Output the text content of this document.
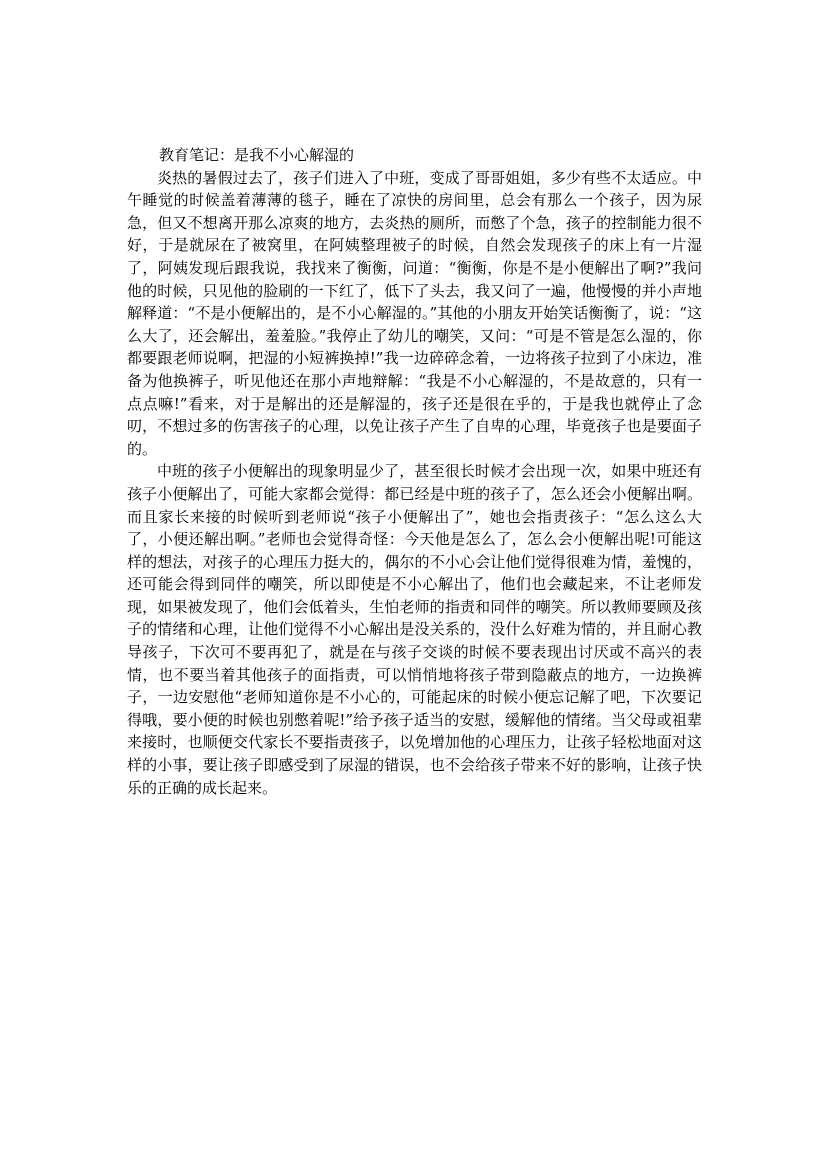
教育笔记：是我不小心解湿的

炎热的暑假过去了，孩子们进入了中班，变成了哥哥姐姐，多少有些不太适应。中午睡觉的时候盖着薄薄的毯子，睡在了凉快的房间里，总会有那么一个孩子，因为尿急，但又不想离开那么凉爽的地方，去炎热的厕所，而憋了个急，孩子的控制能力很不好，于是就尿在了被窝里，在阿姨整理被子的时候，自然会发现孩子的床上有一片湿了，阿姨发现后跟我说，我找来了衡衡，问道：“衡衡，你是不是小便解出了啊?”我问他的时候，只见他的脸刷的一下红了，低下了头去，我又问了一遍，他慢慢的并小声地解释道：“不是小便解出的，是不小心解湿的。”其他的小朋友开始笑话衡衡了，说：“这么大了，还会解出，羞羞脸。”我停止了幼儿的嘲笑，又问：“可是不管是怎么湿的，你都要跟老师说啊，把湿的小短裤换掉!”我一边碎碎念着，一边将孩子拉到了小床边，准备为他换裤子，听见他还在那小声地辩解：“我是不小心解湿的，不是故意的，只有一点点嘛!”看来，对于是解出的还是解湿的，孩子还是很在乎的，于是我也就停止了念叨，不想过多的伤害孩子的心理，以免让孩子产生了自卑的心理，毕竟孩子也是要面子的。

中班的孩子小便解出的现象明显少了，甚至很长时候才会出现一次，如果中班还有孩子小便解出了，可能大家都会觉得：都已经是中班的孩子了，怎么还会小便解出啊。而且家长来接的时候听到老师说“孩子小便解出了”，她也会指责孩子：“怎么这么大了，小便还解出啊。”老师也会觉得奇怪：今天他是怎么了，怎么会小便解出呢!可能这样的想法，对孩子的心理压力挺大的，偶尔的不小心会让他们觉得很难为情，羞愧的，还可能会得到同伴的嘲笑，所以即使是不小心解出了，他们也会藏起来，不让老师发现，如果被发现了，他们会低着头，生怕老师的指责和同伴的嘲笑。所以教师要顾及孩子的情绪和心理，让他们觉得不小心解出是没关系的，没什么好难为情的，并且耐心教导孩子，下次可不要再犯了，就是在与孩子交谈的时候不要表现出讨厌或不高兴的表情，也不要当着其他孩子的面指责，可以悄悄地将孩子带到隐蔽点的地方，一边换裤子，一边安慰他“老师知道你是不小心的，可能起床的时候小便忘记解了吧，下次要记得哦，要小便的时候也别憋着呢!”给予孩子适当的安慰，缓解他的情绪。当父母或祖辈来接时，也顺便交代家长不要指责孩子，以免增加他的心理压力，让孩子轻松地面对这样的小事，要让孩子即感受到了尿湿的错误，也不会给孩子带来不好的影响，让孩子快乐的正确的成长起来。
